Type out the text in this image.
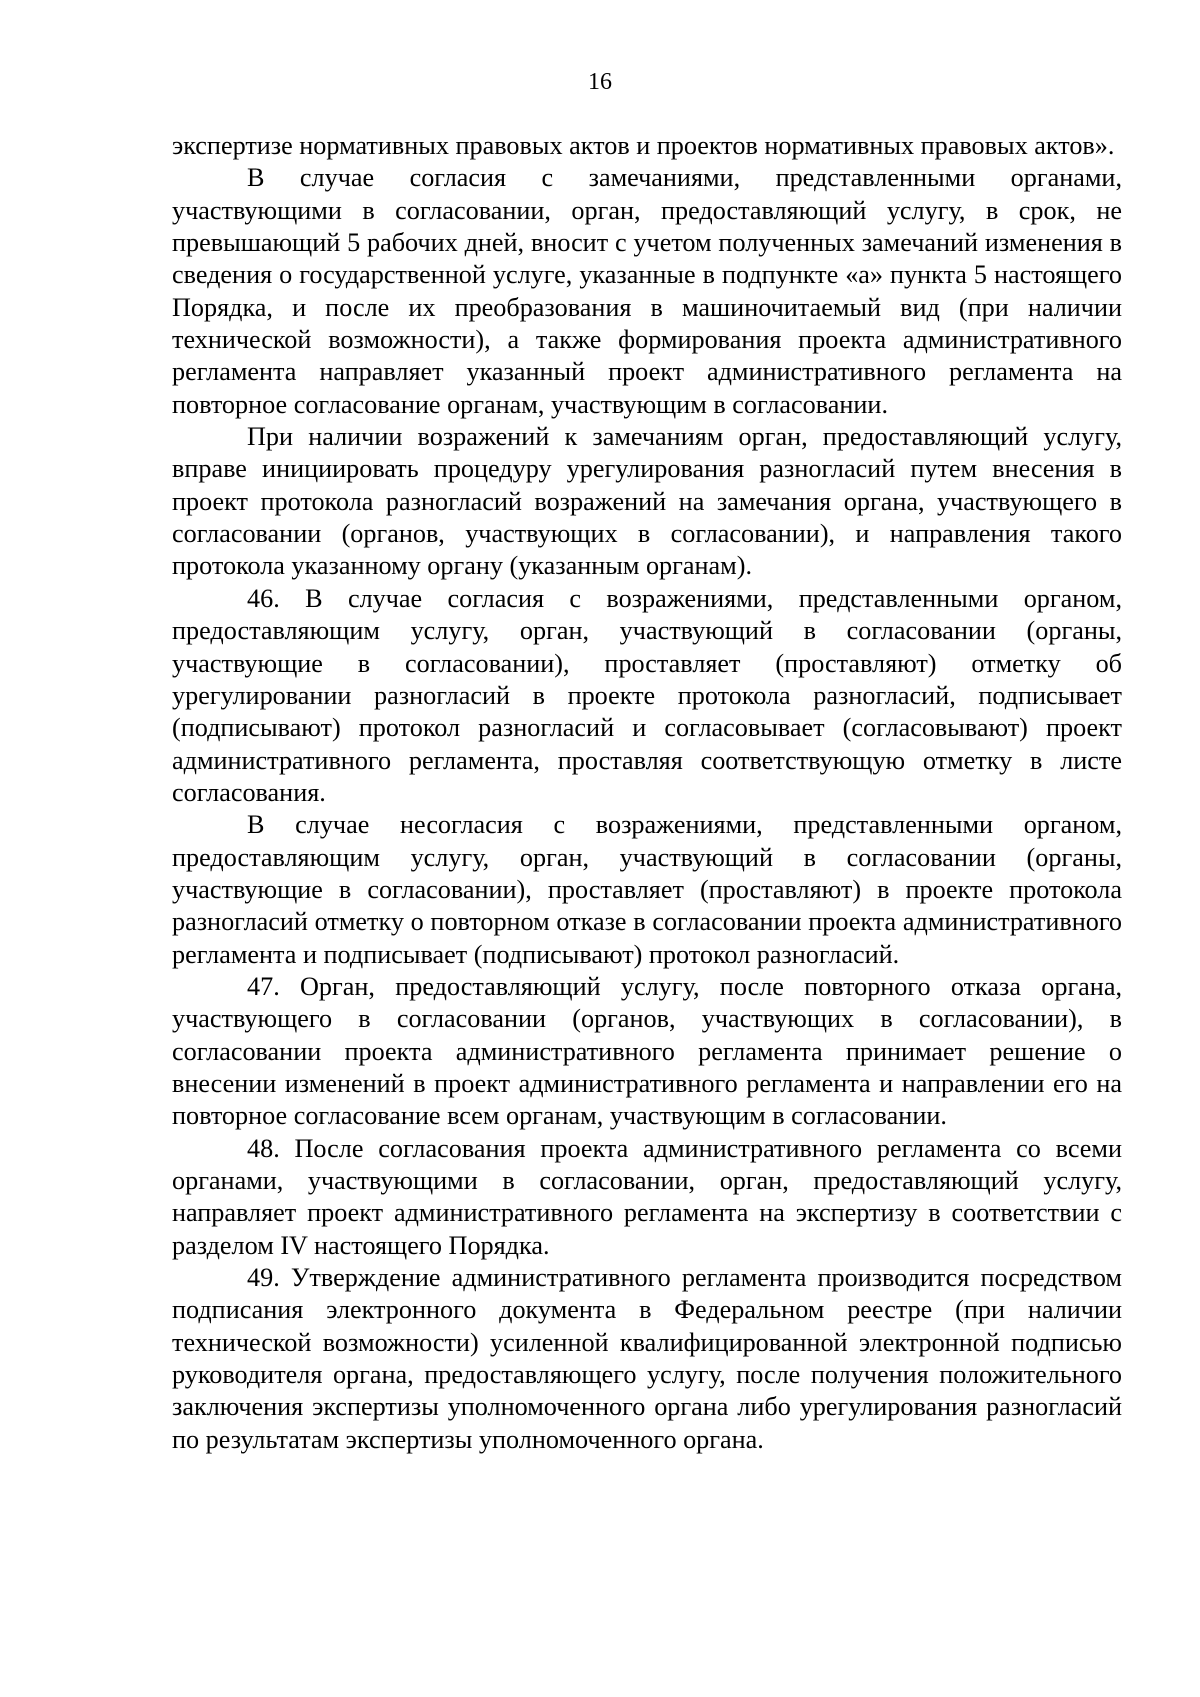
16

экспертизе нормативных правовых актов и проектов нормативных правовых актов».

В случае согласия с замечаниями, представленными органами, участвующими в согласовании, орган, предоставляющий услугу, в срок, не превышающий 5 рабочих дней, вносит с учетом полученных замечаний изменения в сведения о государственной услуге, указанные в подпункте «а» пункта 5 настоящего Порядка, и после их преобразования в машиночитаемый вид (при наличии технической возможности), а также формирования проекта административного регламента направляет указанный проект административного регламента на повторное согласование органам, участвующим в согласовании.

При наличии возражений к замечаниям орган, предоставляющий услугу, вправе инициировать процедуру урегулирования разногласий путем внесения в проект протокола разногласий возражений на замечания органа, участвующего в согласовании (органов, участвующих в согласовании), и направления такого протокола указанному органу (указанным органам).

46. В случае согласия с возражениями, представленными органом, предоставляющим услугу, орган, участвующий в согласовании (органы, участвующие в согласовании), проставляет (проставляют) отметку об урегулировании разногласий в проекте протокола разногласий, подписывает (подписывают) протокол разногласий и согласовывает (согласовывают) проект административного регламента, проставляя соответствующую отметку в листе согласования.

В случае несогласия с возражениями, представленными органом, предоставляющим услугу, орган, участвующий в согласовании (органы, участвующие в согласовании), проставляет (проставляют) в проекте протокола разногласий отметку о повторном отказе в согласовании проекта административного регламента и подписывает (подписывают) протокол разногласий.

47. Орган, предоставляющий услугу, после повторного отказа органа, участвующего в согласовании (органов, участвующих в согласовании), в согласовании проекта административного регламента принимает решение о внесении изменений в проект административного регламента и направлении его на повторное согласование всем органам, участвующим в согласовании.

48. После согласования проекта административного регламента со всеми органами, участвующими в согласовании, орган, предоставляющий услугу, направляет проект административного регламента на экспертизу в соответствии с разделом IV настоящего Порядка.

49. Утверждение административного регламента производится посредством подписания электронного документа в Федеральном реестре (при наличии технической возможности) усиленной квалифицированной электронной подписью руководителя органа, предоставляющего услугу, после получения положительного заключения экспертизы уполномоченного органа либо урегулирования разногласий по результатам экспертизы уполномоченного органа.
